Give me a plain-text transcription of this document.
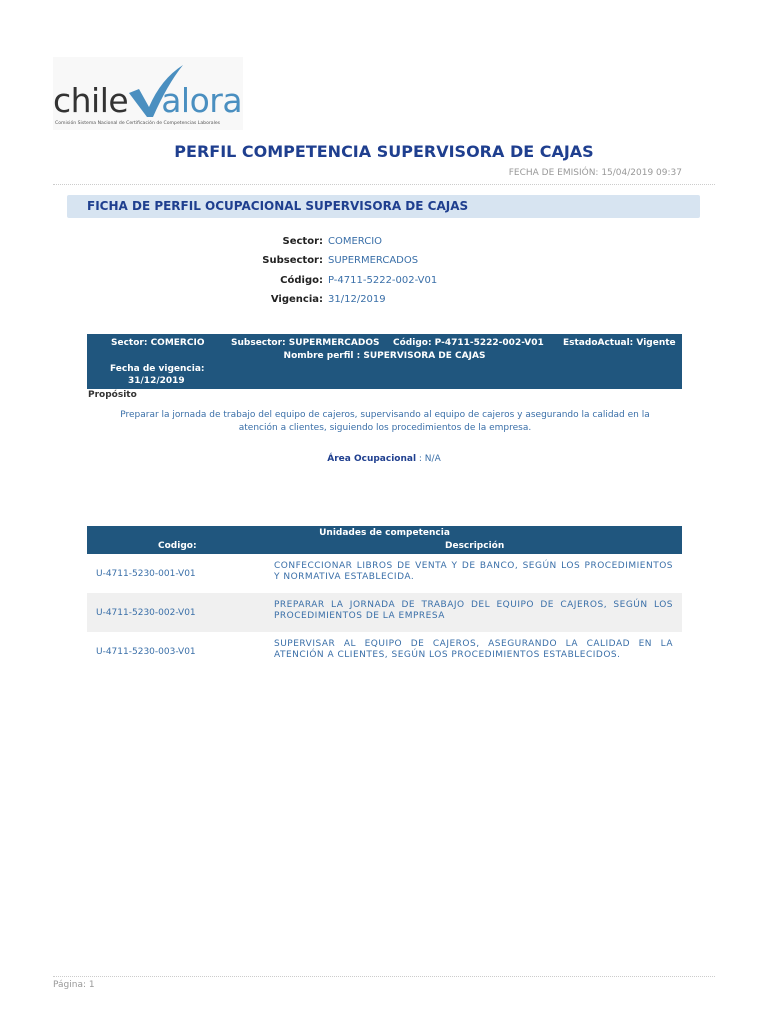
chile alora
Comisión Sistema Nacional de Certificación de Competencias Laborales
PERFIL COMPETENCIA SUPERVISORA DE CAJAS
FECHA DE EMISIÓN: 15/04/2019 09:37
FICHA DE PERFIL OCUPACIONAL SUPERVISORA DE CAJAS
Sector: COMERCIO
Subsector: SUPERMERCADOS
Código: P-4711-5222-002-V01
Vigencia: 31/12/2019
Sector: COMERCIO	Subsector: SUPERMERCADOS Código: P-4711-5222-002-V01 EstadoActual: Vigente
Nombre perfil : SUPERVISORA DE CAJAS
Fecha de vigencia:
31/12/2019
Propósito
Preparar la jornada de trabajo del equipo de cajeros, supervisando al equipo de cajeros y asegurando la calidad en la atención a clientes, siguiendo los procedimientos de la empresa.
Área Ocupacional : N/A
Unidades de competencia
Codigo:	Descripción
U-4711-5230-001-V01
CONFECCIONAR LIBROS DE VENTA Y DE BANCO, SEGÚN LOS PROCEDIMIENTOS Y NORMATIVA ESTABLECIDA.
U-4711-5230-002-V01
PREPARAR LA JORNADA DE TRABAJO DEL EQUIPO DE CAJEROS, SEGÚN LOS PROCEDIMIENTOS DE LA EMPRESA
U-4711-5230-003-V01
SUPERVISAR AL EQUIPO DE CAJEROS, ASEGURANDO LA CALIDAD EN LA ATENCIÓN A CLIENTES, SEGÚN LOS PROCEDIMIENTOS ESTABLECIDOS.
Página: 1
